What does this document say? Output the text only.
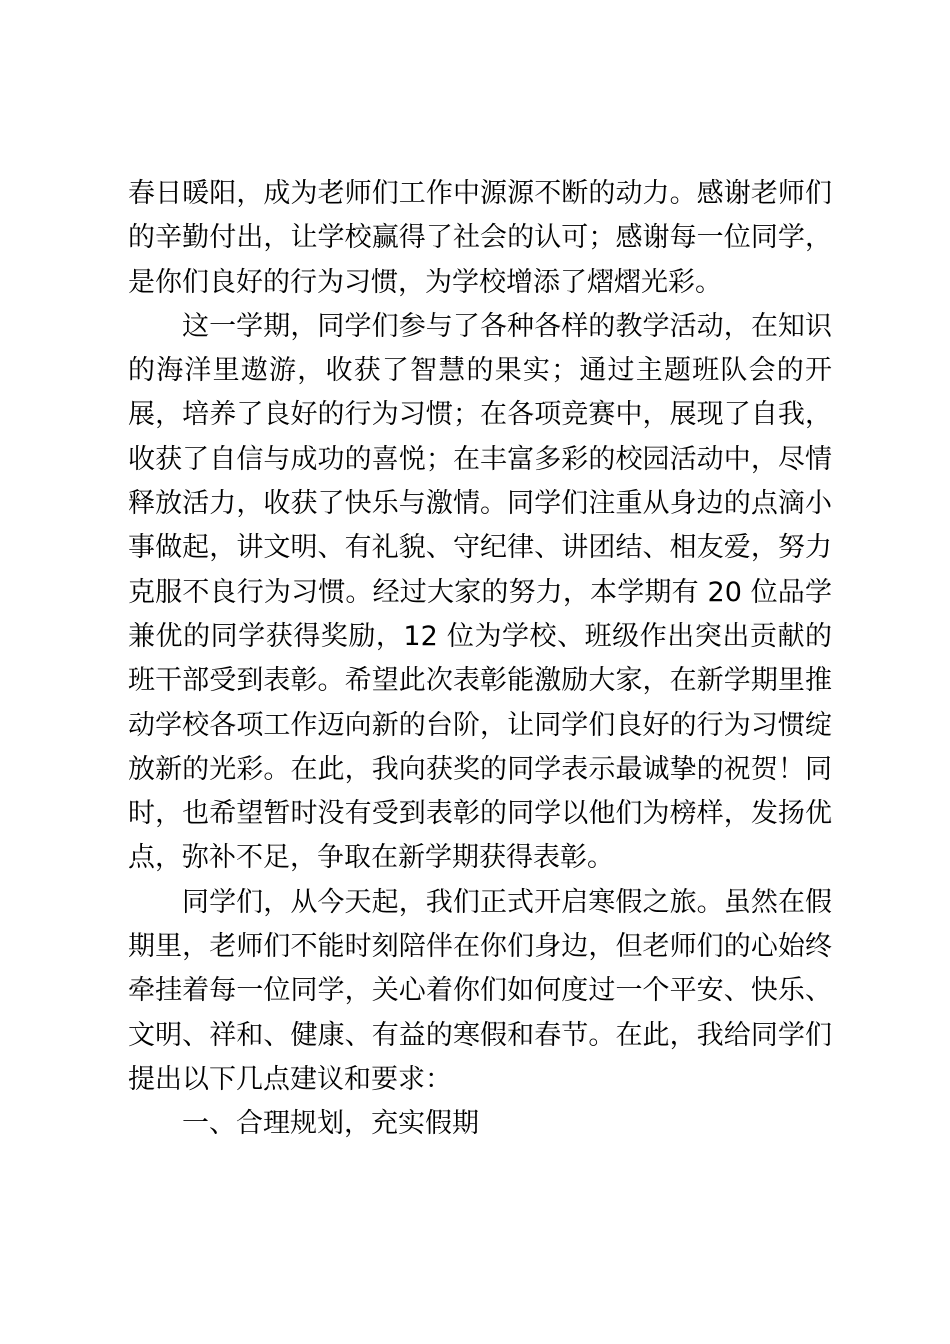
春日暖阳，成为老师们工作中源源不断的动力。感谢老师们的辛勤付出，让学校赢得了社会的认可；感谢每一位同学，是你们良好的行为习惯，为学校增添了熠熠光彩。

这一学期，同学们参与了各种各样的教学活动，在知识的海洋里遨游，收获了智慧的果实；通过主题班队会的开展，培养了良好的行为习惯；在各项竞赛中，展现了自我，收获了自信与成功的喜悦；在丰富多彩的校园活动中，尽情释放活力，收获了快乐与激情。同学们注重从身边的点滴小事做起，讲文明、有礼貌、守纪律、讲团结、相友爱，努力克服不良行为习惯。经过大家的努力，本学期有 20 位品学兼优的同学获得奖励，12 位为学校、班级作出突出贡献的班干部受到表彰。希望此次表彰能激励大家，在新学期里推动学校各项工作迈向新的台阶，让同学们良好的行为习惯绽放新的光彩。在此，我向获奖的同学表示最诚挚的祝贺！同时，也希望暂时没有受到表彰的同学以他们为榜样，发扬优点，弥补不足，争取在新学期获得表彰。

同学们，从今天起，我们正式开启寒假之旅。虽然在假期里，老师们不能时刻陪伴在你们身边，但老师们的心始终牵挂着每一位同学，关心着你们如何度过一个平安、快乐、文明、祥和、健康、有益的寒假和春节。在此，我给同学们提出以下几点建议和要求：

一、合理规划，充实假期
